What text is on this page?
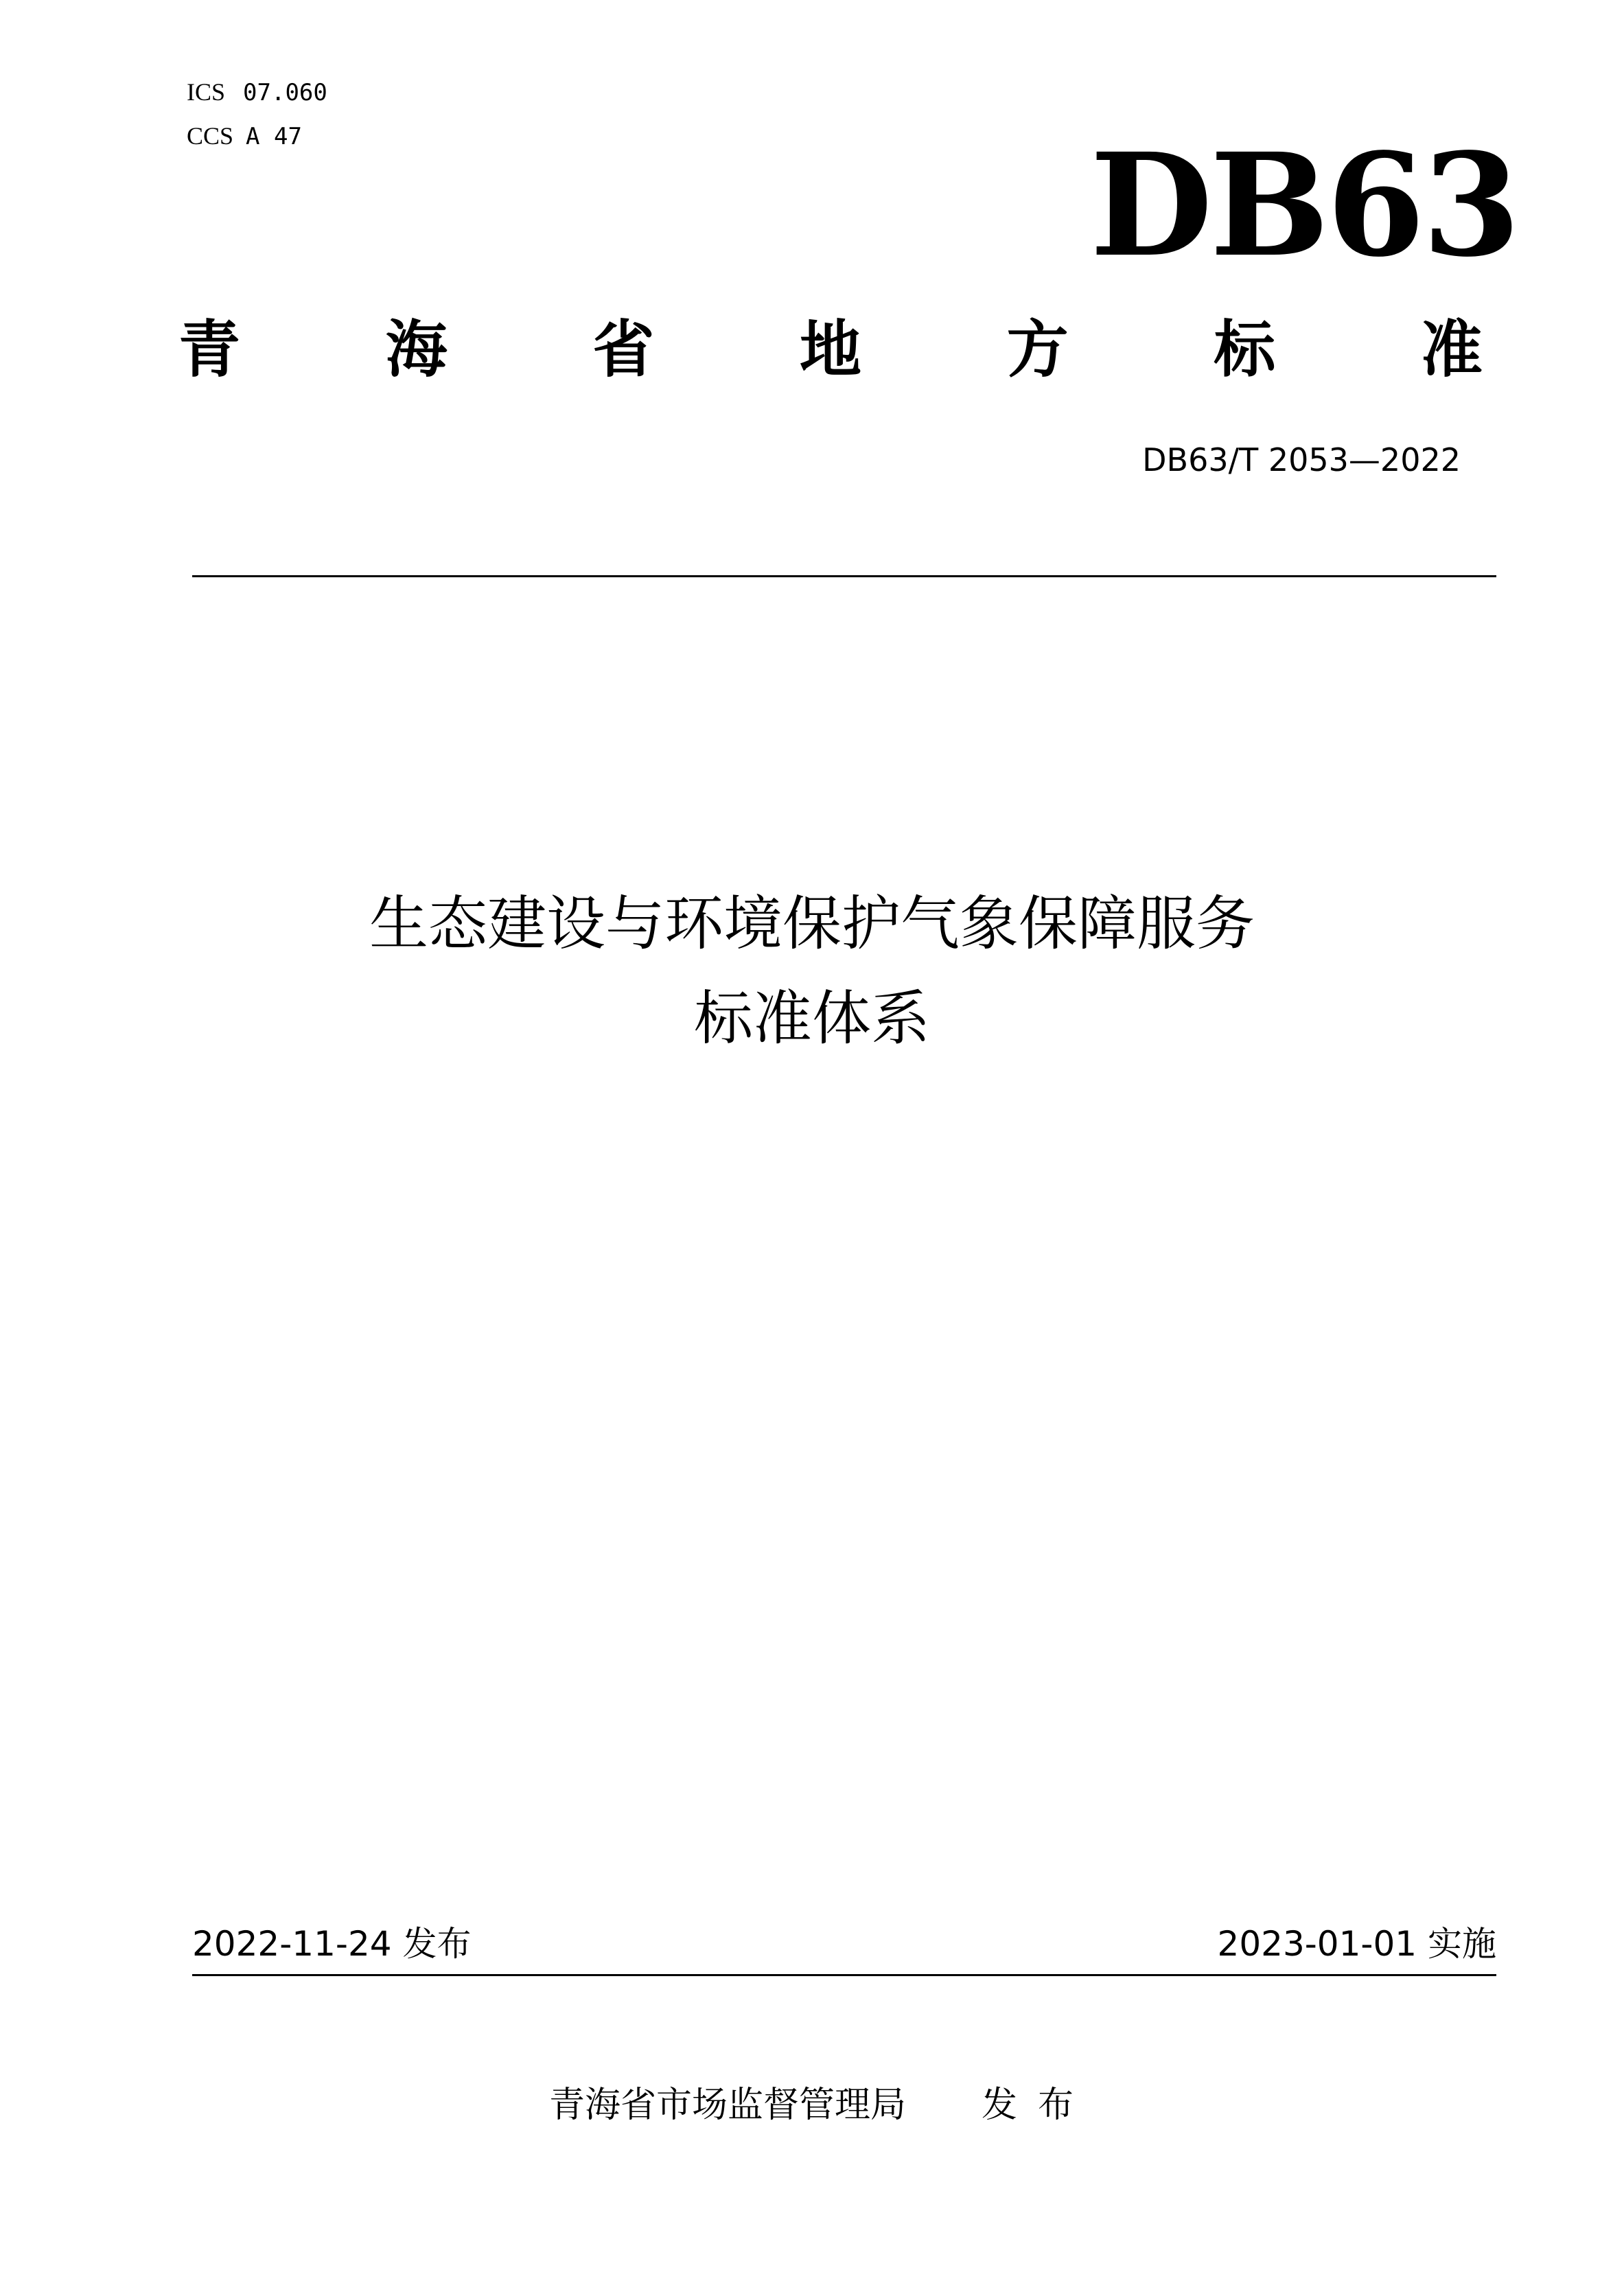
ICS 07.060
CCS A 47	DB63
青 海 省 地 方 标 准
DB63/T 2053—2022
生态建设与环境保护气象保障服务
标准体系
2022-11-24 发布	2023-01-01 实施
青海省市场监督管理局 发布
